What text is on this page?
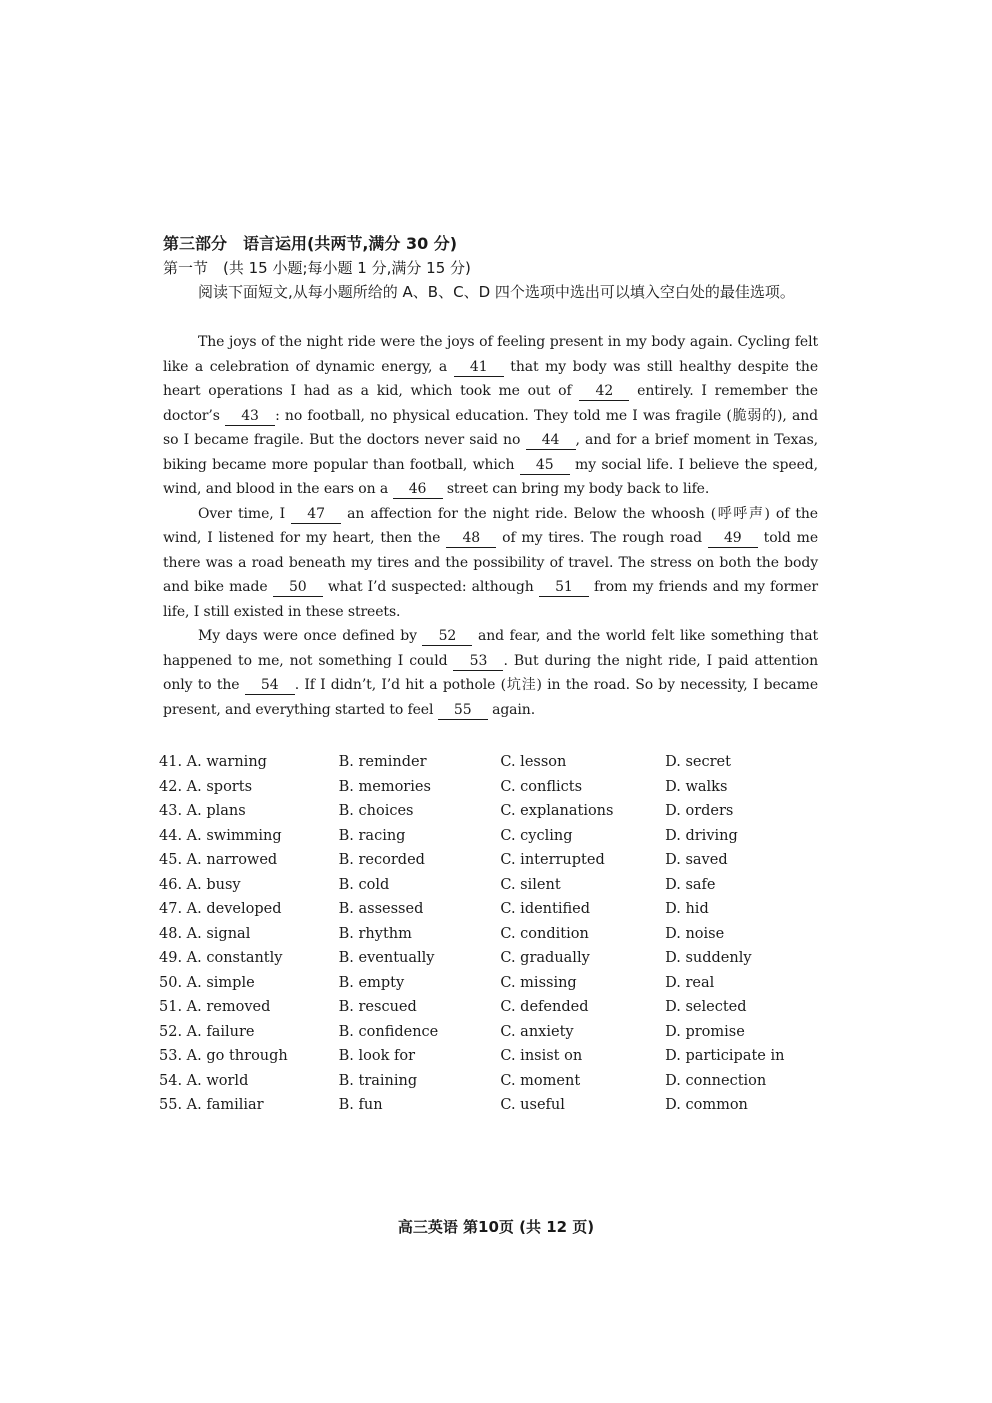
第三部分　语言运用(共两节,满分 30 分)

第一节　(共 15 小题;每小题 1 分,满分 15 分)

阅读下面短文,从每小题所给的 A、B、C、D 四个选项中选出可以填入空白处的最佳选项。

The joys of the night ride were the joys of feeling present in my body again. Cycling felt like a celebration of dynamic energy, a 41 that my body was still healthy despite the heart operations I had as a kid, which took me out of 42 entirely. I remember the doctor’s 43 : no football, no physical education. They told me I was fragile (脆弱的), and so I became fragile. But the doctors never said no 44 , and for a brief moment in Texas, biking became more popular than football, which 45 my social life. I believe the speed, wind, and blood in the ears on a 46 street can bring my body back to life.

Over time, I 47 an affection for the night ride. Below the whoosh (呼呼声) of the wind, I listened for my heart, then the 48 of my tires. The rough road 49 told me there was a road beneath my tires and the possibility of travel. The stress on both the body and bike made 50 what I’d suspected: although 51 from my friends and my former life, I still existed in these streets.

My days were once defined by 52 and fear, and the world felt like something that happened to me, not something I could 53 . But during the night ride, I paid attention only to the 54 . If I didn’t, I’d hit a pothole (坑洼) in the road. So by necessity, I became present, and everything started to feel 55 again.

41. A. warning	B. reminder	C. lesson	D. secret
42. A. sports	B. memories	C. conflicts	D. walks
43. A. plans	B. choices	C. explanations	D. orders
44. A. swimming	B. racing	C. cycling	D. driving
45. A. narrowed	B. recorded	C. interrupted	D. saved
46. A. busy	B. cold	C. silent	D. safe
47. A. developed	B. assessed	C. identified	D. hid
48. A. signal	B. rhythm	C. condition	D. noise
49. A. constantly	B. eventually	C. gradually	D. suddenly
50. A. simple	B. empty	C. missing	D. real
51. A. removed	B. rescued	C. defended	D. selected
52. A. failure	B. confidence	C. anxiety	D. promise
53. A. go through	B. look for	C. insist on	D. participate in
54. A. world	B. training	C. moment	D. connection
55. A. familiar	B. fun	C. useful	D. common
高三英语 第10页 (共 12 页)
